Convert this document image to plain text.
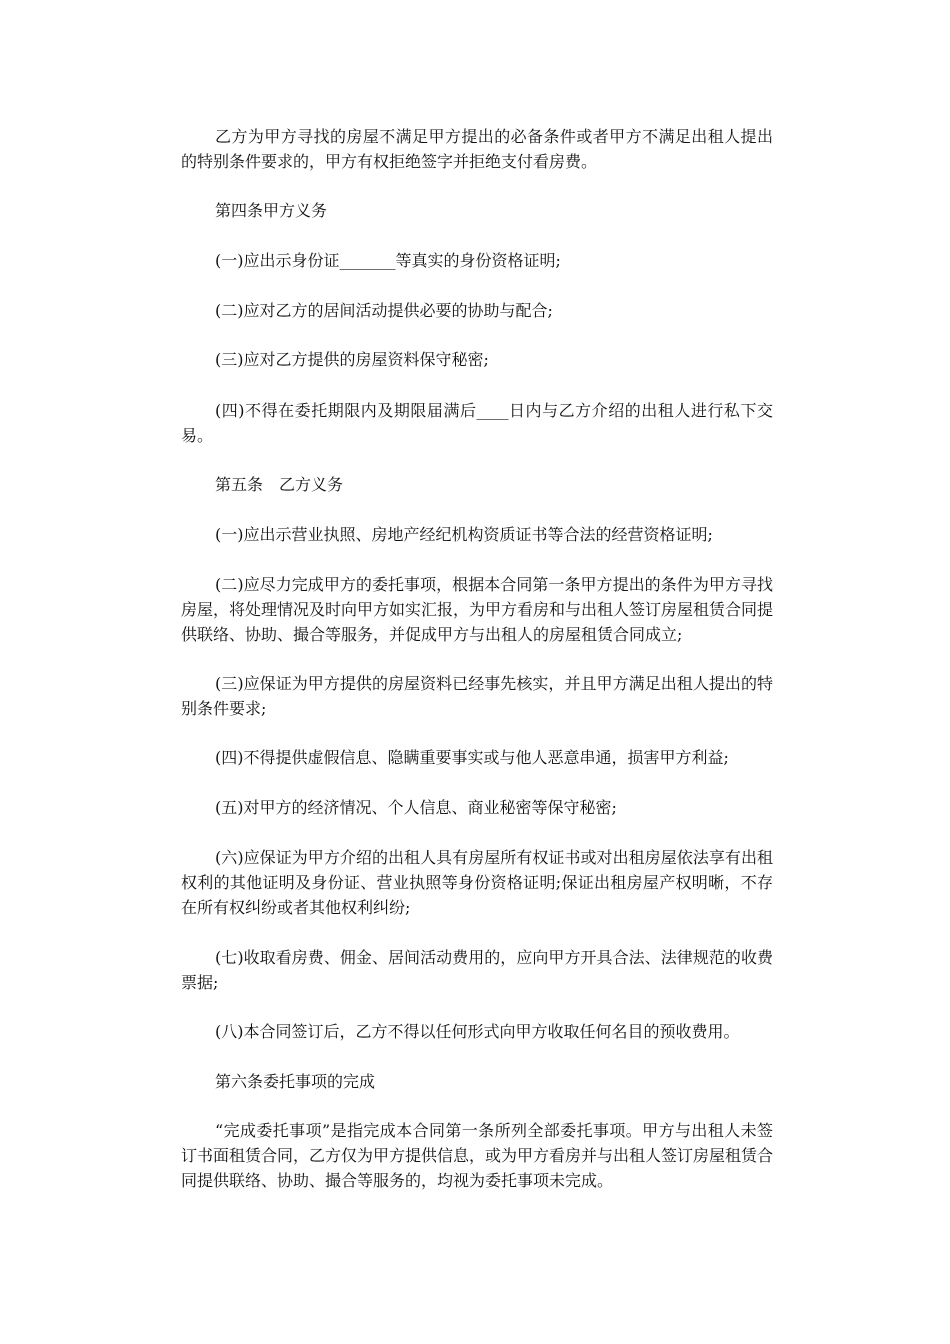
乙方为甲方寻找的房屋不满足甲方提出的必备条件或者甲方不满足出租人提出的特别条件要求的，甲方有权拒绝签字并拒绝支付看房费。

第四条甲方义务

(一)应出示身份证_______等真实的身份资格证明;

(二)应对乙方的居间活动提供必要的协助与配合;

(三)应对乙方提供的房屋资料保守秘密;

(四)不得在委托期限内及期限届满后____日内与乙方介绍的出租人进行私下交易。

第五条　乙方义务

(一)应出示营业执照、房地产经纪机构资质证书等合法的经营资格证明;

(二)应尽力完成甲方的委托事项，根据本合同第一条甲方提出的条件为甲方寻找房屋，将处理情况及时向甲方如实汇报，为甲方看房和与出租人签订房屋租赁合同提供联络、协助、撮合等服务，并促成甲方与出租人的房屋租赁合同成立;

(三)应保证为甲方提供的房屋资料已经事先核实，并且甲方满足出租人提出的特别条件要求;

(四)不得提供虚假信息、隐瞒重要事实或与他人恶意串通，损害甲方利益;

(五)对甲方的经济情况、个人信息、商业秘密等保守秘密;

(六)应保证为甲方介绍的出租人具有房屋所有权证书或对出租房屋依法享有出租权利的其他证明及身份证、营业执照等身份资格证明;保证出租房屋产权明晰，不存在所有权纠纷或者其他权利纠纷;

(七)收取看房费、佣金、居间活动费用的，应向甲方开具合法、法律规范的收费票据;

(八)本合同签订后，乙方不得以任何形式向甲方收取任何名目的预收费用。

第六条委托事项的完成

“完成委托事项”是指完成本合同第一条所列全部委托事项。甲方与出租人未签订书面租赁合同，乙方仅为甲方提供信息，或为甲方看房并与出租人签订房屋租赁合同提供联络、协助、撮合等服务的，均视为委托事项未完成。
